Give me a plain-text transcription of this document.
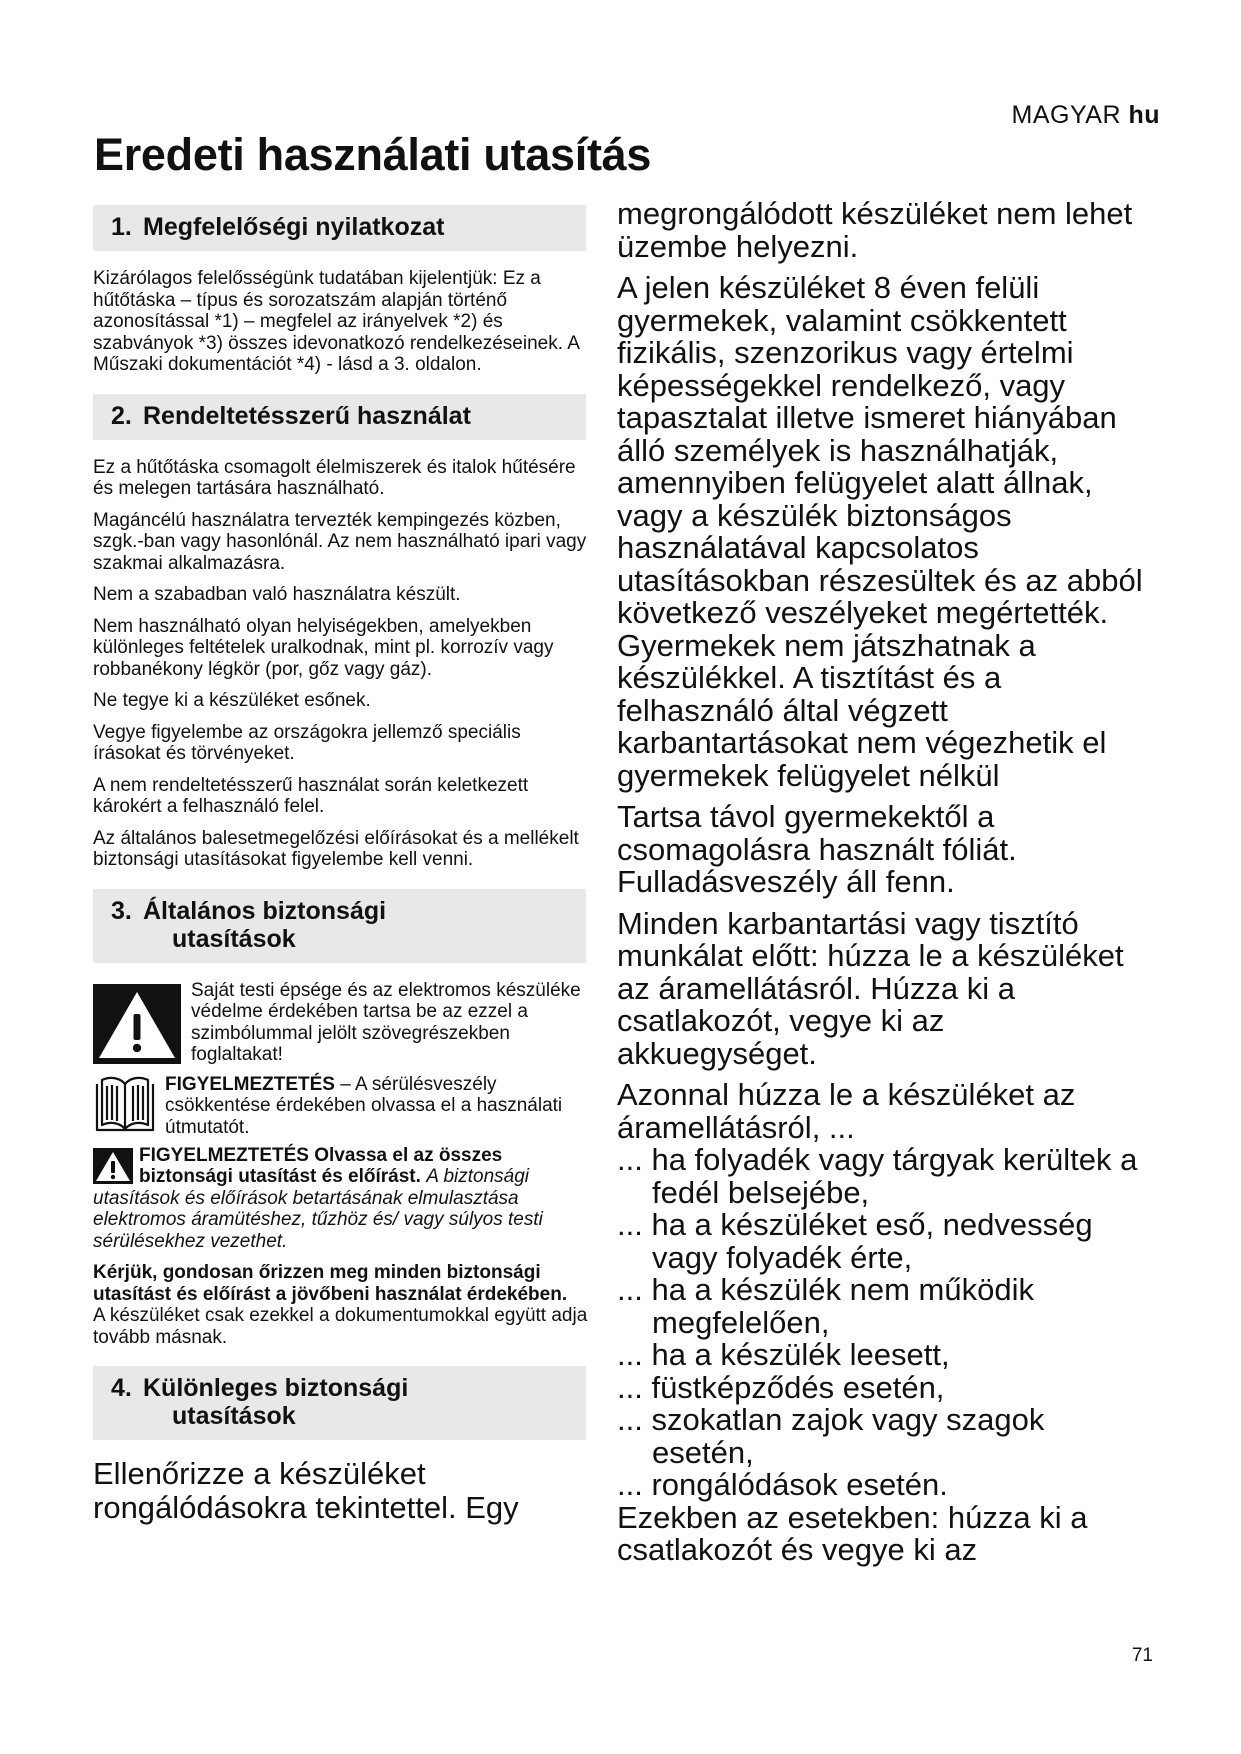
MAGYAR hu
Eredeti használati utasítás
1. Megfelelőségi nyilatkozat

Kizárólagos felelősségünk tudatában kijelentjük: Ez a hűtőtáska – típus és sorozatszám alapján történő azonosítással *1) – megfelel az irányelvek *2) és szabványok *3) összes idevonatkozó rendelkezéseinek. A Műszaki dokumentációt *4) - lásd a 3. oldalon.

2. Rendeltetésszerű használat

Ez a hűtőtáska csomagolt élelmiszerek és italok hűtésére és melegen tartására használható.

Magáncélú használatra tervezték kempingezés közben, szgk.-ban vagy hasonlónál. Az nem használható ipari vagy szakmai alkalmazásra.

Nem a szabadban való használatra készült.

Nem használható olyan helyiségekben, amelyekben különleges feltételek uralkodnak, mint pl. korrozív vagy robbanékony légkör (por, gőz vagy gáz).

Ne tegye ki a készüléket esőnek.

Vegye figyelembe az országokra jellemző speciális írásokat és törvényeket.

A nem rendeltetésszerű használat során keletkezett károkért a felhasználó felel.

Az általános balesetmegelőzési előírásokat és a mellékelt biztonsági utasításokat figyelembe kell venni.

3. Általános biztonsági
utasítások
Saját testi épsége és az elektromos készüléke védelme érdekében tartsa be az ezzel a szimbólummal jelölt szövegrészekben foglaltakat!
FIGYELMEZTETÉS – A sérülésveszély csökkentése érdekében olvassa el a használati útmutatót.
FIGYELMEZTETÉS Olvassa el az összes biztonsági utasítást és előírást. A biztonsági utasítások és előírások betartásának elmulasztása elektromos áramütéshez, tűzhöz és/ vagy súlyos testi sérülésekhez vezethet.

Kérjük, gondosan őrizzen meg minden biztonsági utasítást és előírást a jövőbeni használat érdekében.

A készüléket csak ezekkel a dokumentumokkal együtt adja tovább másnak.

4. Különleges biztonsági
utasítások

Ellenőrizze a készüléket rongálódásokra tekintettel. Egy

megrongálódott készüléket nem lehet üzembe helyezni.

A jelen készüléket 8 éven felüli gyermekek, valamint csökkentett fizikális, szenzorikus vagy értelmi képességekkel rendelkező, vagy tapasztalat illetve ismeret hiányában álló személyek is használhatják, amennyiben felügyelet alatt állnak, vagy a készülék biztonságos használatával kapcsolatos utasításokban részesültek és az abból következő veszélyeket megértették. Gyermekek nem játszhatnak a készülékkel. A tisztítást és a felhasználó által végzett karbantartásokat nem végezhetik el gyermekek felügyelet nélkül

Tartsa távol gyermekektől a csomagolásra használt fóliát. Fulladásveszély áll fenn.

Minden karbantartási vagy tisztító munkálat előtt: húzza le a készüléket az áramellátásról. Húzza ki a csatlakozót, vegye ki az akkuegységet.

Azonnal húzza le a készüléket az áramellátásról, ...

... ha folyadék vagy tárgyak kerültek a fedél belsejébe,
... ha a készüléket eső, nedvesség vagy folyadék érte,
... ha a készülék nem működik megfelelően,
... ha a készülék leesett,
... füstképződés esetén,
... szokatlan zajok vagy szagok esetén,
... rongálódások esetén.

Ezekben az esetekben: húzza ki a csatlakozót és vegye ki az

71
